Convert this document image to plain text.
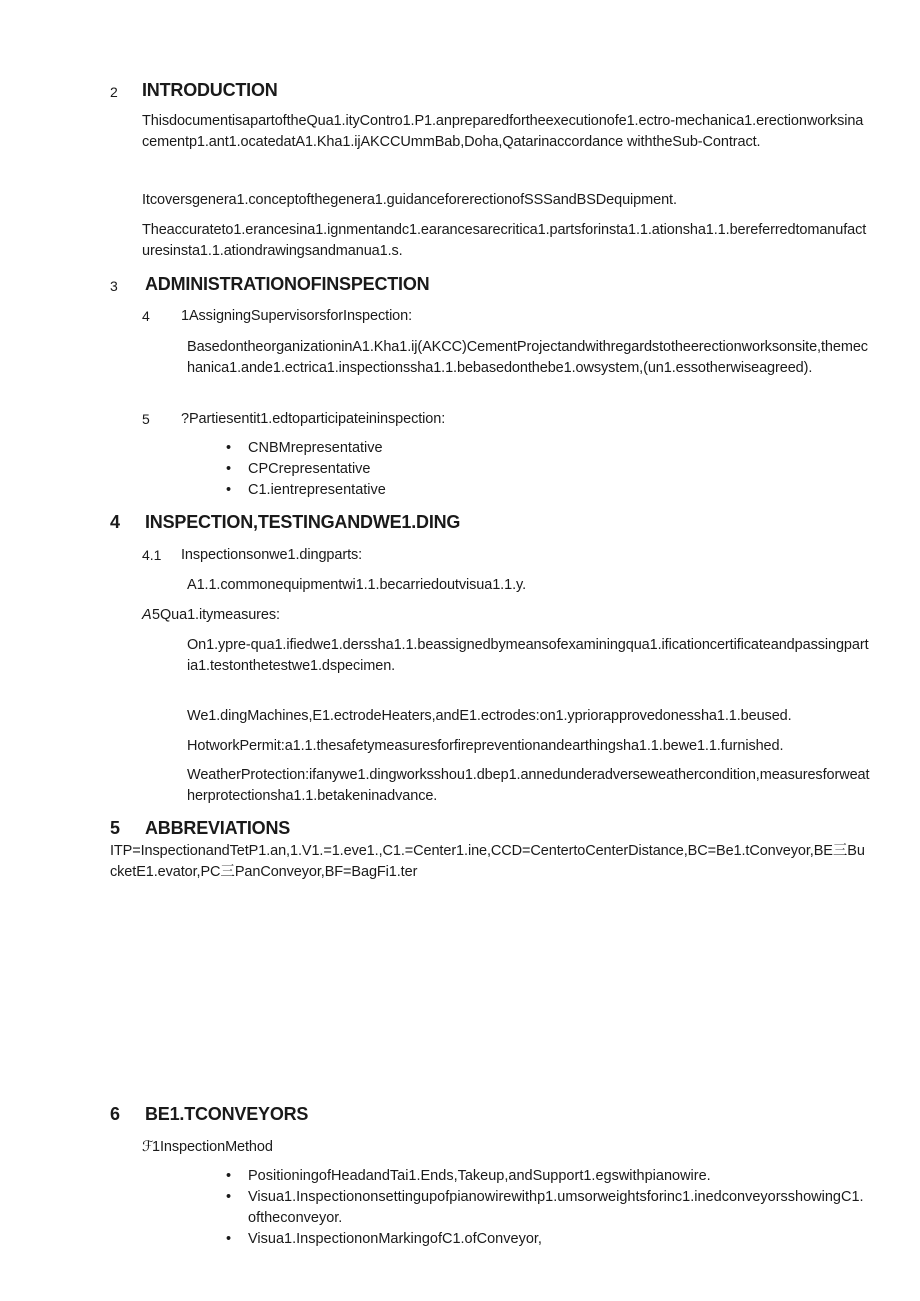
2 INTRODUCTION
ThisdocumentisapartoftheQua1.ityContro1.P1.anpreparedfortheexecutionofe1.ectro-mechanica1.erectionworksinacementp1.ant1.ocatedatA1.Kha1.ijAKCCUmmBab,Doha,Qatarinaccordance withtheSub-Contract.
Itcoversgenera1.conceptofthegenera1.guidanceforerectionofSSSandBSDequipment.
Theaccurateto1.erancesina1.ignmentandc1.earancesarecritica1.partsforinsta1.1.ationsha1.1.bereferredtomanufacturesinsta1.1.ationdrawingsandmanua1.s.
3 ADMINISTRATIONOFINSPECTION
4 1AssigningSupervisorsforInspection:
BasedontheorganizationinA1.Kha1.ij(AKCC)CementProjectandwithregardstotheerectionworksonsite,themechanica1.ande1.ectrica1.inspectionssha1.1.bebasedonthebe1.owsystem,(un1.essotherwiseagreed).
5 ?Partiesentit1.edtoparticipateininspection:
• CNBMrepresentative
• CPCrepresentative
• C1.ientrepresentative
4 INSPECTION,TESTINGANDWE1.DING
4.1 Inspectionsonwe1.dingparts:
A1.1.commonequipmentwi1.1.becarriedoutvisua1.1.y.
A 5Qua1.itymeasures:
On1.ypre-qua1.ifiedwe1.derssha1.1.beassignedbymeansofexaminingqua1.ificationcertificateandpassingpartia1.testonthetestwe1.dspecimen.
We1.dingMachines,E1.ectrodeHeaters,andE1.ectrodes:on1.ypriorapprovedonessha1.1.beused.
HotworkPermit:a1.1.thesafetymeasuresforfirepreventionandearthingsha1.1.bewe1.1.furnished.
WeatherProtection:ifanywe1.dingworksshou1.dbep1.annedunderadverseweathercondition,measuresforweatherprotectionsha1.1.betakeninadvance.
5 ABBREVIATIONS
ITP=InspectionandTetP1.an,1.V1.=1.eve1.,C1.=Center1.ine,CCD=CentertoCenterDistance,BC=Be1.tConveyor,BE三BucketE1.evator,PC三PanConveyor,BF=BagFi1.ter
6 BE1.TCONVEYORS
ℱ
1InspectionMethod
• PositioningofHeadandTai1.Ends,Takeup,andSupport1.egswithpianowire.
• Visua1.Inspectiononsettingupofpianowirewithp1.umsorweightsforinc1.inedconveyorsshowingC1.oftheconveyor.
• Visua1.InspectiononMarkingofC1.ofConveyor,
